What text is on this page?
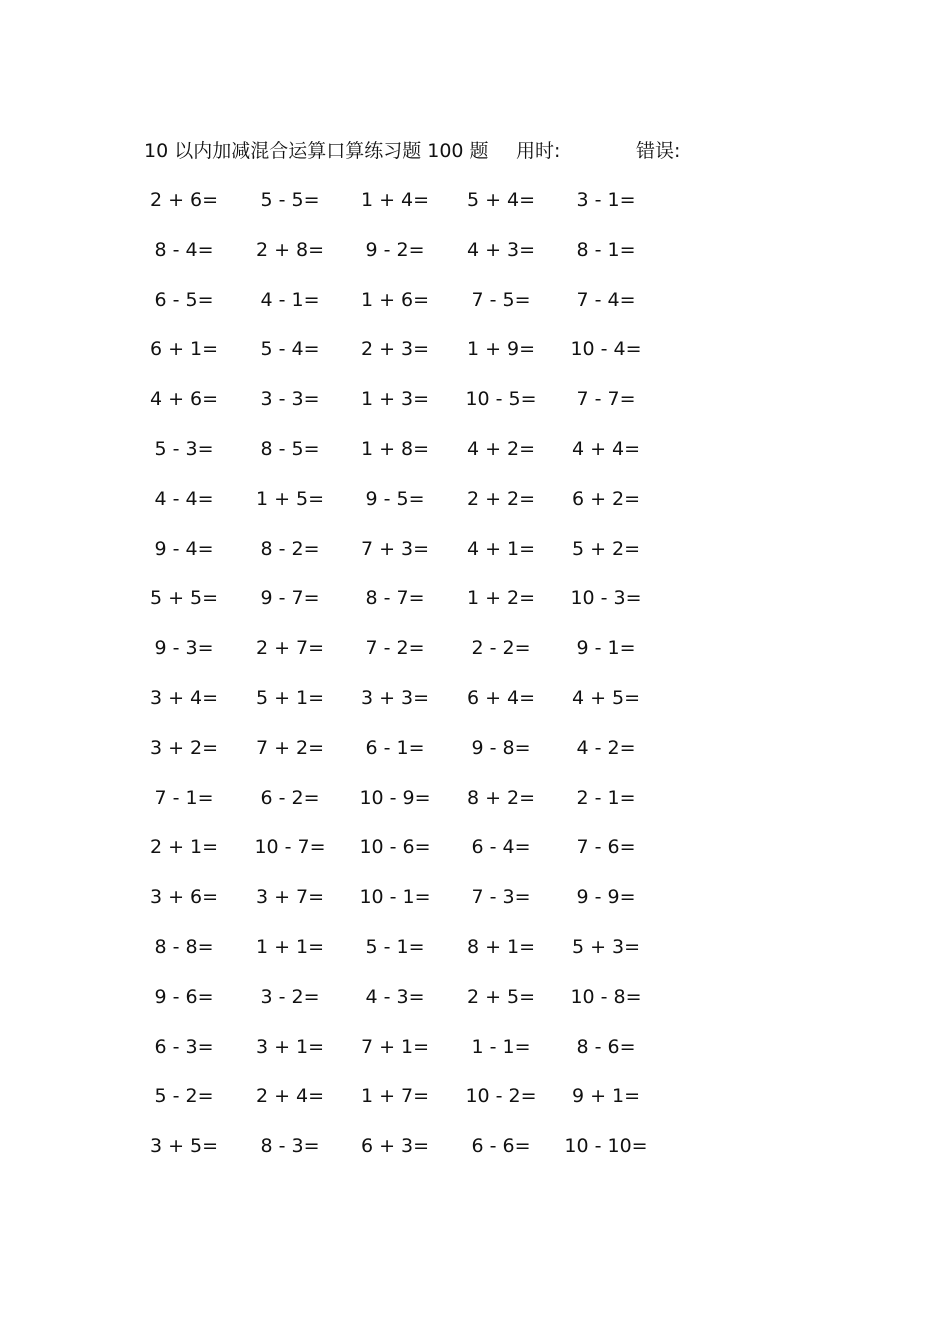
10 以内加减混合运算口算练习题 100 题 用时:	错误:
2 + 6=	5 - 5=	1 + 4=	5 + 4=	3 - 1=
8 - 4=	2 + 8=	9 - 2=	4 + 3=	8 - 1=
6 - 5=	4 - 1=	1 + 6=	7 - 5=	7 - 4=
6 + 1=	5 - 4=	2 + 3=	1 + 9=	10 - 4=
4 + 6=	3 - 3=	1 + 3=	10 - 5=	7 - 7=
5 - 3=	8 - 5=	1 + 8=	4 + 2=	4 + 4=
4 - 4=	1 + 5=	9 - 5=	2 + 2=	6 + 2=
9 - 4=	8 - 2=	7 + 3=	4 + 1=	5 + 2=
5 + 5=	9 - 7=	8 - 7=	1 + 2=	10 - 3=
9 - 3=	2 + 7=	7 - 2=	2 - 2=	9 - 1=
3 + 4=	5 + 1=	3 + 3=	6 + 4=	4 + 5=
3 + 2=	7 + 2=	6 - 1=	9 - 8=	4 - 2=
7 - 1=	6 - 2=	10 - 9=	8 + 2=	2 - 1=
2 + 1=	10 - 7=	10 - 6=	6 - 4=	7 - 6=
3 + 6=	3 + 7=	10 - 1=	7 - 3=	9 - 9=
8 - 8=	1 + 1=	5 - 1=	8 + 1=	5 + 3=
9 - 6=	3 - 2=	4 - 3=	2 + 5=	10 - 8=
6 - 3=	3 + 1=	7 + 1=	1 - 1=	8 - 6=
5 - 2=	2 + 4=	1 + 7=	10 - 2=	9 + 1=
3 + 5=	8 - 3=	6 + 3=	6 - 6=	10 - 10=
